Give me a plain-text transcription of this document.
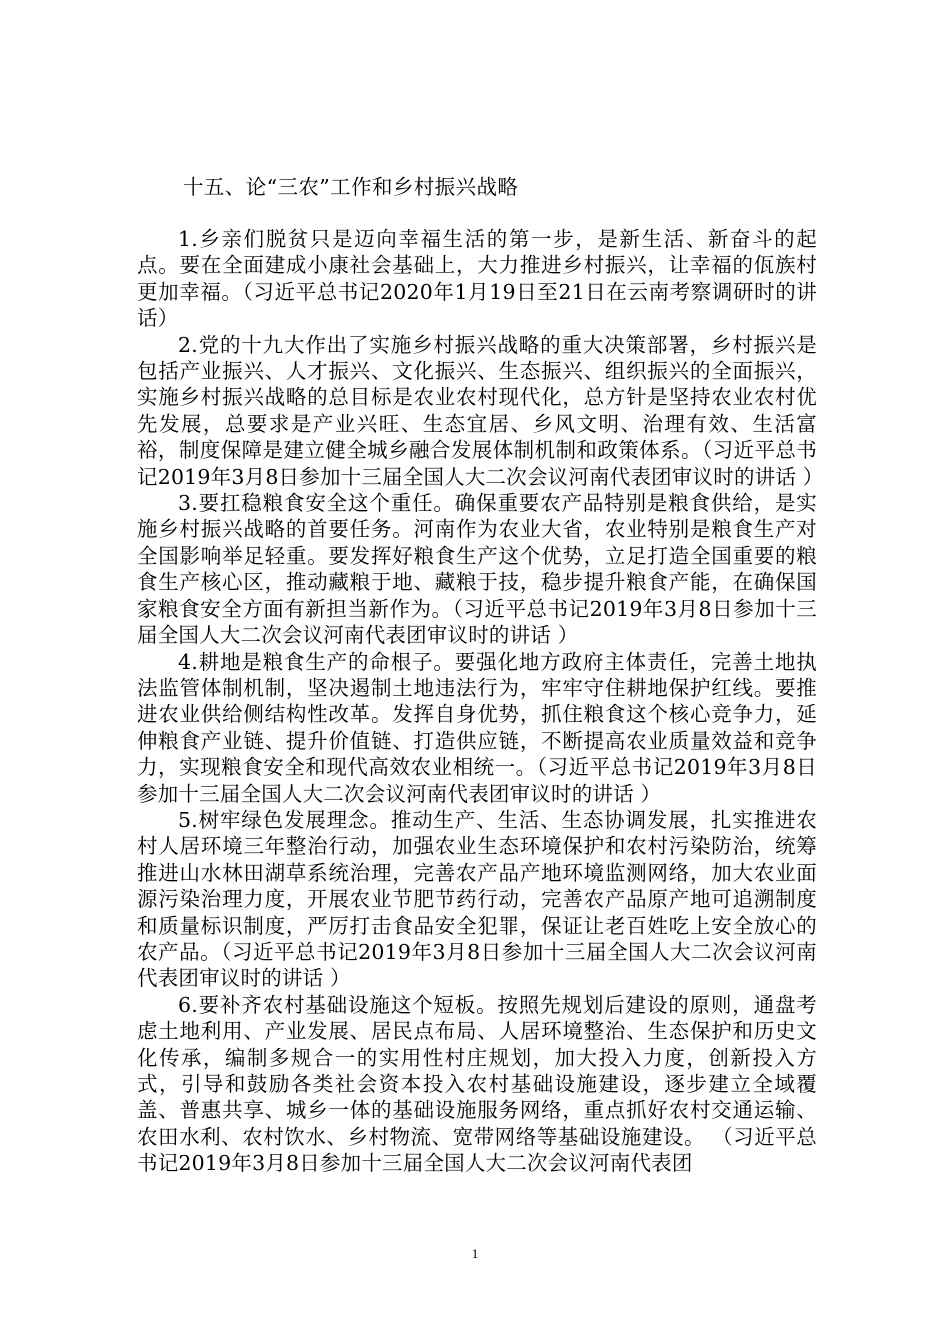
十五、论“三农”工作和乡村振兴战略

1.乡亲们脱贫只是迈向幸福生活的第一步，是新生活、新奋斗的起点。要在全面建成小康社会基础上，大力推进乡村振兴，让幸福的佤族村更加幸福。（习近平总书记2020年1月19日至21日在云南考察调研时的讲话）

2.党的十九大作出了实施乡村振兴战略的重大决策部署，乡村振兴是包括产业振兴、人才振兴、文化振兴、生态振兴、组织振兴的全面振兴，实施乡村振兴战略的总目标是农业农村现代化，总方针是坚持农业农村优先发展，总要求是产业兴旺、生态宜居、乡风文明、治理有效、生活富裕，制度保障是建立健全城乡融合发展体制机制和政策体系。（习近平总书记2019年3月8日参加十三届全国人大二次会议河南代表团审议时的讲话 ）

3.要扛稳粮食安全这个重任。确保重要农产品特别是粮食供给，是实施乡村振兴战略的首要任务。河南作为农业大省，农业特别是粮食生产对全国影响举足轻重。要发挥好粮食生产这个优势，立足打造全国重要的粮食生产核心区，推动藏粮于地、藏粮于技，稳步提升粮食产能，在确保国家粮食安全方面有新担当新作为。（习近平总书记2019年3月8日参加十三届全国人大二次会议河南代表团审议时的讲话 ）

4.耕地是粮食生产的命根子。要强化地方政府主体责任，完善土地执法监管体制机制，坚决遏制土地违法行为，牢牢守住耕地保护红线。要推进农业供给侧结构性改革。发挥自身优势，抓住粮食这个核心竞争力，延伸粮食产业链、提升价值链、打造供应链，不断提高农业质量效益和竞争力，实现粮食安全和现代高效农业相统一。（习近平总书记2019年3月8日参加十三届全国人大二次会议河南代表团审议时的讲话 ）

5.树牢绿色发展理念。推动生产、生活、生态协调发展，扎实推进农村人居环境三年整治行动，加强农业生态环境保护和农村污染防治，统筹推进山水林田湖草系统治理，完善农产品产地环境监测网络，加大农业面源污染治理力度，开展农业节肥节药行动，完善农产品原产地可追溯制度和质量标识制度，严厉打击食品安全犯罪，保证让老百姓吃上安全放心的农产品。（习近平总书记2019年3月8日参加十三届全国人大二次会议河南代表团审议时的讲话 ）

6.要补齐农村基础设施这个短板。按照先规划后建设的原则，通盘考虑土地利用、产业发展、居民点布局、人居环境整治、生态保护和历史文化传承，编制多规合一的实用性村庄规划，加大投入力度，创新投入方式，引导和鼓励各类社会资本投入农村基础设施建设，逐步建立全域覆盖、普惠共享、城乡一体的基础设施服务网络，重点抓好农村交通运输、农田水利、农村饮水、乡村物流、宽带网络等基础设施建设。 （习近平总书记2019年3月8日参加十三届全国人大二次会议河南代表团

1
